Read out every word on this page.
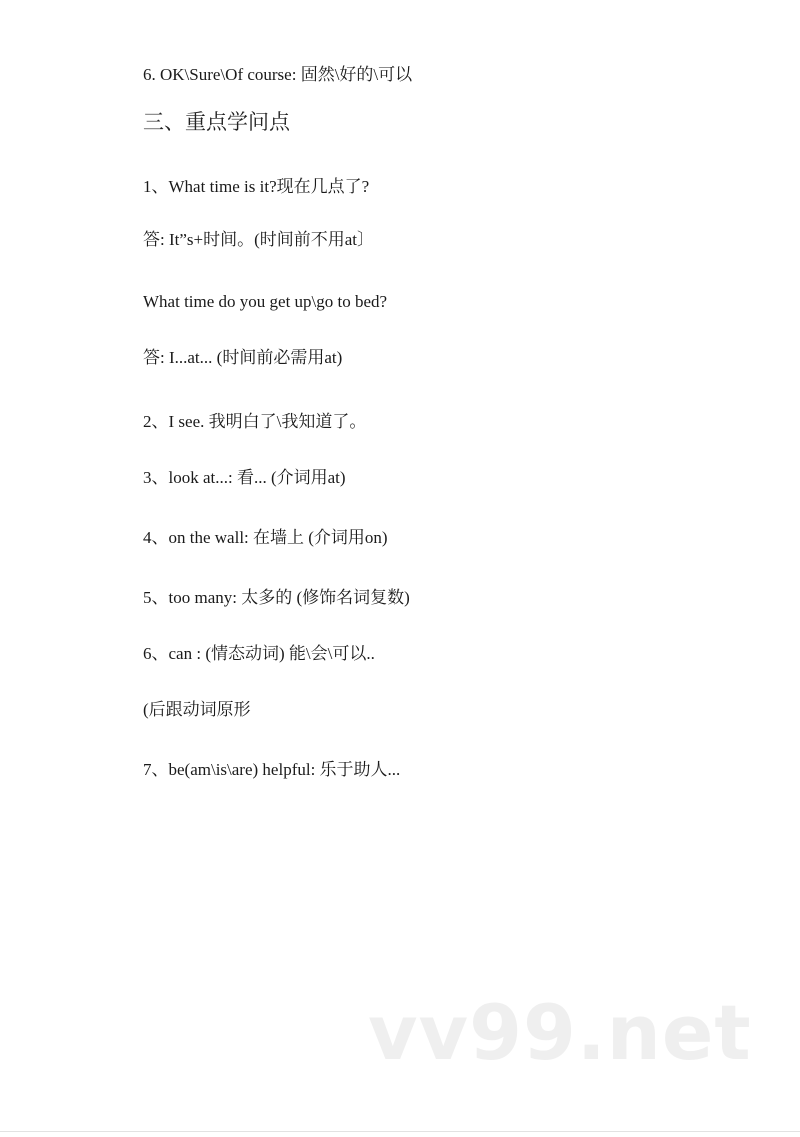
6. OK\Sure\Of course: 固然\好的\可以
三、重点学问点
1、What time is it?现在几点了?
答: It”s+时间。(时间前不用at〕
What time do you get up\go to bed?
答: I...at... (时间前必需用at)
2、I see. 我明白了\我知道了。
3、look at...: 看... (介词用at)
4、on the wall: 在墙上 (介词用on)
5、too many: 太多的 (修饰名词复数)
6、can : (情态动词) 能\会\可以..
(后跟动词原形
7、be(am\is\are) helpful: 乐于助人...
vv99.net
